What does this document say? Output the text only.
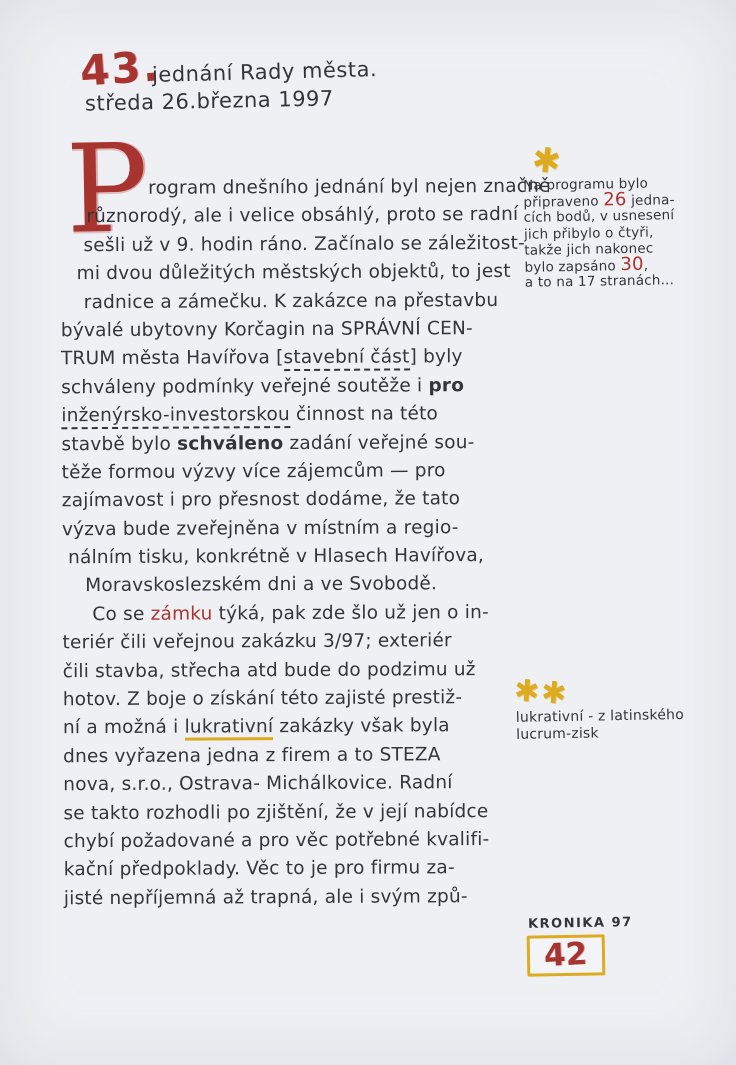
43.
jednání Rady města.
středa 26.března 1997
P
rogram dnešního jednání byl nejen značně
různorodý, ale i velice obsáhlý, proto se radní
sešli už v 9. hodin ráno. Začínalo se záležitost-
mi dvou důležitých městských objektů, to jest
radnice a zámečku. K zakázce na přestavbu
bývalé ubytovny Korčagin na SPRÁVNÍ CEN-
TRUM města Havířova [stavební část] byly
schváleny podmínky veřejné soutěže i pro
inženýrsko-investorskou činnost na této
stavbě bylo schváleno zadání veřejné sou-
těže formou výzvy více zájemcům — pro
zajímavost i pro přesnost dodáme, že tato
výzva bude zveřejněna v místním a regio-
nálním tisku, konkrétně v Hlasech Havířova,
Moravskoslezském dni a ve Svobodě.
Co se zámku týká, pak zde šlo už jen o in-
teriér čili veřejnou zakázku 3/97; exteriér
čili stavba, střecha atd bude do podzimu už
hotov. Z boje o získání této zajisté prestiž-
ní a možná i lukrativní zakázky však byla
dnes vyřazena jedna z firem a to STEZA
nova, s.r.o., Ostrava- Michálkovice. Radní
se takto rozhodli po zjištění, že v její nabídce
chybí požadované a pro věc potřebné kvalifi-
kační předpoklady. Věc to je pro firmu za-
jisté nepříjemná až trapná, ale i svým způ-
✱
Na programu bylo
připraveno 26 jedna-
cích bodů, v usnesení
jich přibylo o čtyři,
takže jich nakonec
bylo zapsáno 30,
a to na 17 stranách...
✱✱
lukrativní - z latinského
lucrum-zisk
KRONIKA 97
42
